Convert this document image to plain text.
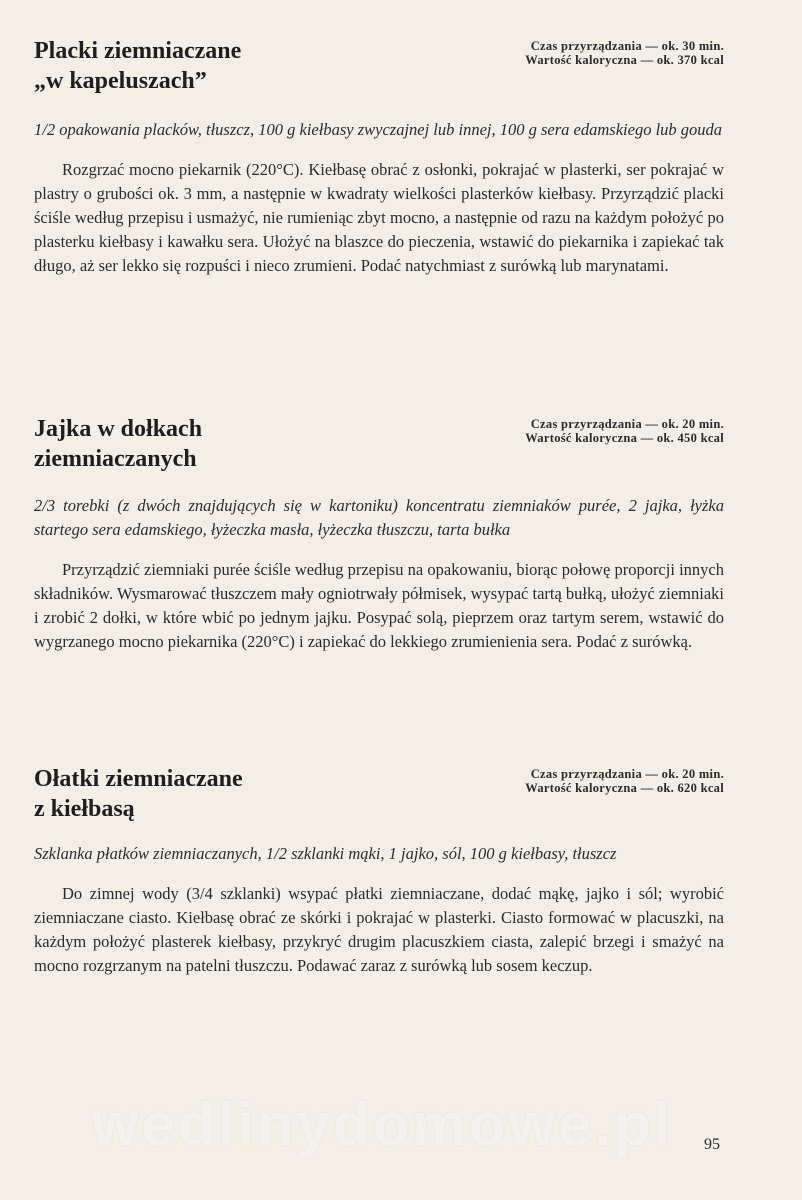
Placki ziemniaczane
„w kapeluszach”
Czas przyrządzania — ok. 30 min.
Wartość kaloryczna — ok. 370 kcal

1/2 opakowania placków, tłuszcz, 100 g kiełbasy zwyczajnej lub innej, 100 g sera edamskiego lub gouda

Rozgrzać mocno piekarnik (220°C). Kiełbasę obrać z osłonki, pokrajać w plasterki, ser pokrajać w plastry o grubości ok. 3 mm, a następnie w kwadraty wielkości plasterków kiełbasy. Przyrządzić placki ściśle według przepisu i usmażyć, nie rumieniąc zbyt mocno, a następnie od razu na każdym położyć po plasterku kiełbasy i kawałku sera. Ułożyć na blaszce do pieczenia, wstawić do piekarnika i zapiekać tak długo, aż ser lekko się rozpuści i nieco zrumieni. Podać natychmiast z surówką lub marynatami.

Jajka w dołkach
ziemniaczanych
Czas przyrządzania — ok. 20 min.
Wartość kaloryczna — ok. 450 kcal

2/3 torebki (z dwóch znajdujących się w kartoniku) koncentratu ziemniaków purée, 2 jajka, łyżka startego sera edamskiego, łyżeczka masła, łyżeczka tłuszczu, tarta bułka

Przyrządzić ziemniaki purée ściśle według przepisu na opakowaniu, biorąc połowę proporcji innych składników. Wysmarować tłuszczem mały ogniotrwały półmisek, wysypać tartą bułką, ułożyć ziemniaki i zrobić 2 dołki, w które wbić po jednym jajku. Posypać solą, pieprzem oraz tartym serem, wstawić do wygrzanego mocno piekarnika (220°C) i zapiekać do lekkiego zrumienienia sera. Podać z surówką.

Ołatki ziemniaczane
z kiełbasą
Czas przyrządzania — ok. 20 min.
Wartość kaloryczna — ok. 620 kcal

Szklanka płatków ziemniaczanych, 1/2 szklanki mąki, 1 jajko, sól, 100 g kiełbasy, tłuszcz

Do zimnej wody (3/4 szklanki) wsypać płatki ziemniaczane, dodać mąkę, jajko i sól; wyrobić ziemniaczane ciasto. Kiełbasę obrać ze skórki i pokrajać w plasterki. Ciasto formować w placuszki, na każdym położyć plasterek kiełbasy, przykryć drugim placuszkiem ciasta, zalepić brzegi i smażyć na mocno rozgrzanym na patelni tłuszczu. Podawać zaraz z surówką lub sosem keczup.

wedlinydomowe.pl 95
